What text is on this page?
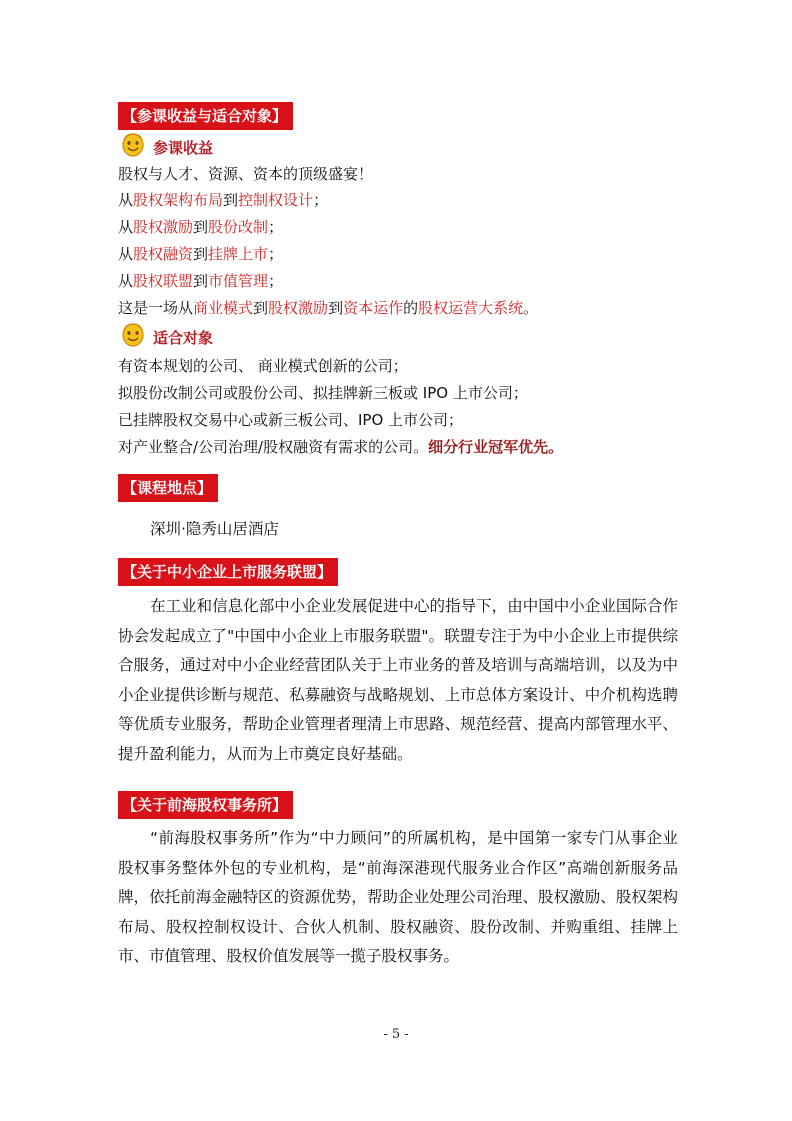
【参课收益与适合对象】
参课收益
股权与人才、资源、资本的顶级盛宴！
从股权架构布局到控制权设计；
从股权激励到股份改制；
从股权融资到挂牌上市；
从股权联盟到市值管理；
这是一场从商业模式到股权激励到资本运作的股权运营大系统。
适合对象
有资本规划的公司、 商业模式创新的公司；
拟股份改制公司或股份公司、拟挂牌新三板或 IPO 上市公司；
已挂牌股权交易中心或新三板公司、IPO 上市公司；
对产业整合/公司治理/股权融资有需求的公司。细分行业冠军优先。
【课程地点】
深圳·隐秀山居酒店
【关于中小企业上市服务联盟】
在工业和信息化部中小企业发展促进中心的指导下，由中国中小企业国际合作协会发起成立了"中国中小企业上市服务联盟"。联盟专注于为中小企业上市提供综合服务，通过对中小企业经营团队关于上市业务的普及培训与高端培训，以及为中小企业提供诊断与规范、私募融资与战略规划、上市总体方案设计、中介机构选聘等优质专业服务，帮助企业管理者理清上市思路、规范经营、提高内部管理水平、提升盈利能力，从而为上市奠定良好基础。
【关于前海股权事务所】
“前海股权事务所”作为“中力顾问”的所属机构，是中国第一家专门从事企业股权事务整体外包的专业机构，是“前海深港现代服务业合作区”高端创新服务品牌，依托前海金融特区的资源优势，帮助企业处理公司治理、股权激励、股权架构布局、股权控制权设计、合伙人机制、股权融资、股份改制、并购重组、挂牌上市、市值管理、股权价值发展等一揽子股权事务。
- 5 -
